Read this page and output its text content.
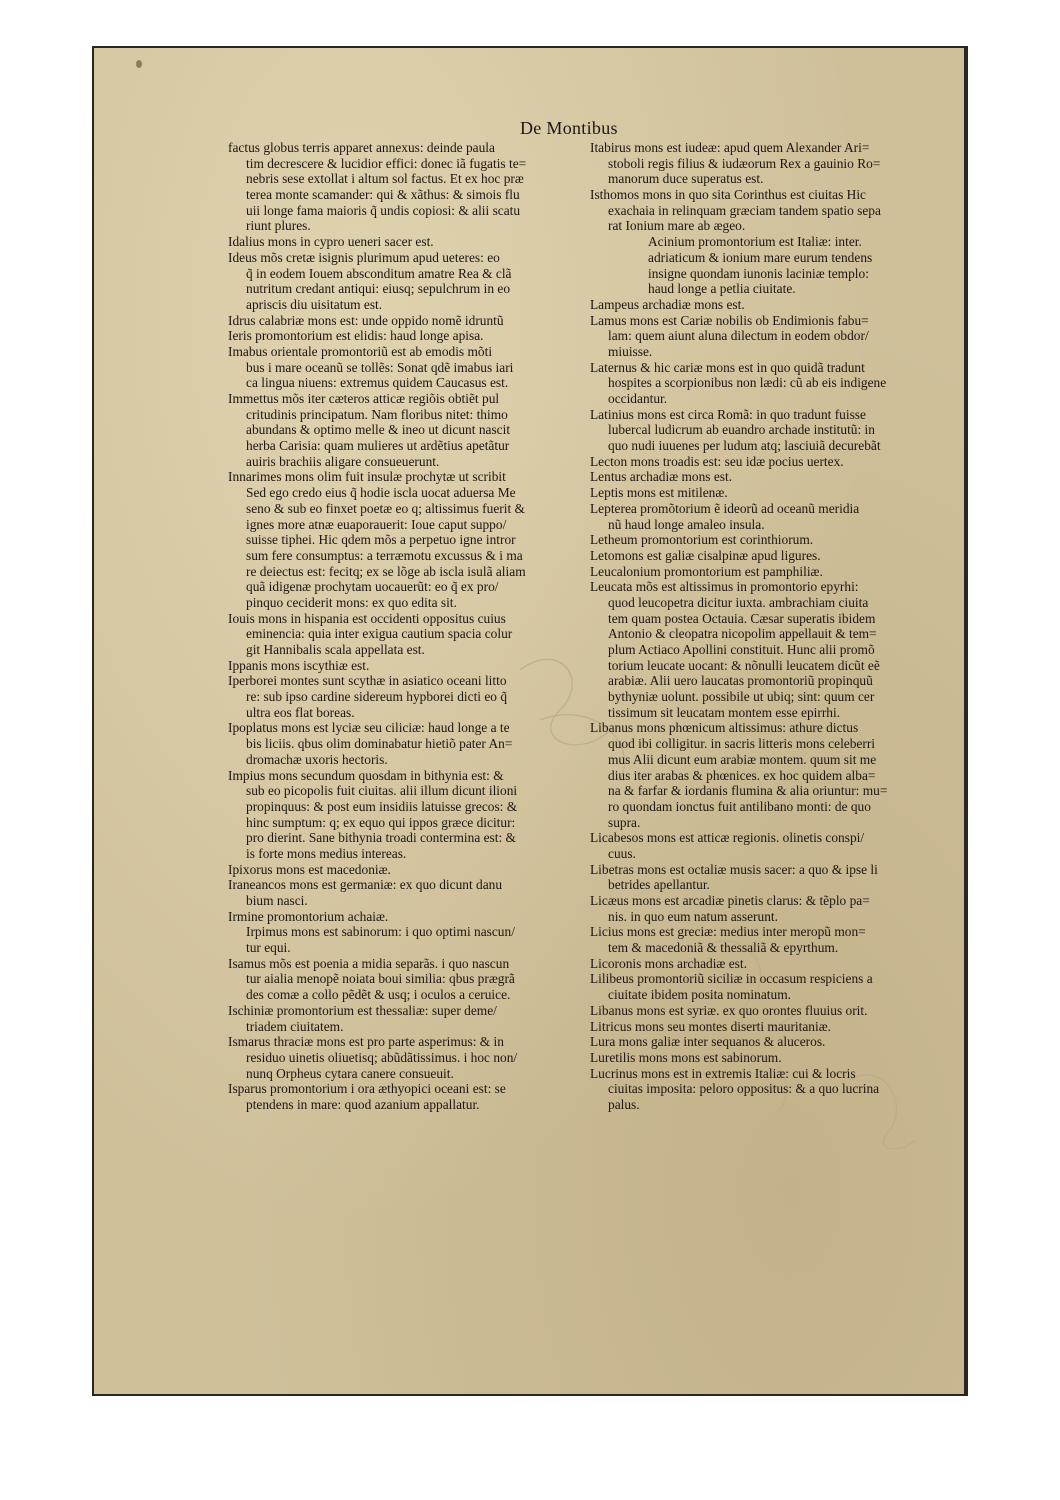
De Montibus
factus globus terris apparet annexus: deinde paula
tim decrescere & lucidior effici: donec iã fugatis te=
nebris sese extollat i altum sol factus. Et ex hoc præ
terea monte scamander: qui & xãthus: & simois flu
uii longe fama maioris q̃ undis copiosi: & alii scatu
riunt plures.
Idalius mons in cypro ueneri sacer est.
Ideus mõs cretæ isignis plurimum apud ueteres: eo
q̃ in eodem Iouem absconditum amatre Rea & clã
nutritum credant antiqui: eiusq; sepulchrum in eo
apriscis diu uisitatum est.
Idrus calabriæ mons est: unde oppido nomẽ idruntũ
Ieris promontorium est elidis: haud longe apisa.
Imabus orientale promontoriũ est ab emodis mõti
bus i mare oceanũ se tollẽs: Sonat qdẽ imabus iari
ca lingua niuens: extremus quidem Caucasus est.
Immettus mõs iter cæteros atticæ regiõis obtiẽt pul
critudinis principatum. Nam floribus nitet: thimo
abundans & optimo melle & ineo ut dicunt nascit
herba Carisia: quam mulieres ut ardẽtius apetãtur
auiris brachiis aligare consueuerunt.
Innarimes mons olim fuit insulæ prochytæ ut scribit
Sed ego credo eius q̃ hodie iscla uocat aduersa Me
seno & sub eo finxet poetæ eo q; altissimus fuerit &
ignes more atnæ euaporauerit: Ioue caput suppo/
suisse tiphei. Hic qdem mõs a perpetuo igne intror
sum fere consumptus: a terræmotu excussus & i ma
re deiectus est: fecitq; ex se lõge ab iscla isulã aliam
quã idigenæ prochytam uocauerũt: eo q̃ ex pro/
pinquo ceciderit mons: ex quo edita sit.
Iouis mons in hispania est occidenti oppositus cuius
eminencia: quia inter exigua cautium spacia colur
git Hannibalis scala appellata est.
Ippanis mons iscythiæ est.
Iperborei montes sunt scythæ in asiatico oceani litto
re: sub ipso cardine sidereum hypborei dicti eo q̃
ultra eos flat boreas.
Ipoplatus mons est lyciæ seu ciliciæ: haud longe a te
bis liciis. qbus olim dominabatur hietiõ pater An=
dromachæ uxoris hectoris.
Impius mons secundum quosdam in bithynia est: &
sub eo picopolis fuit ciuitas. alii illum dicunt ilioni
propinquus: & post eum insidiis latuisse grecos: &
hinc sumptum: q; ex equo qui ippos græce dicitur:
pro dierint. Sane bithynia troadi contermina est: &
is forte mons medius intereas.
Ipixorus mons est macedoniæ.
Iraneancos mons est germaniæ: ex quo dicunt danu
bium nasci.
Irmine promontorium achaiæ.
Irpimus mons est sabinorum: i quo optimi nascun/
tur equi.
Isamus mõs est poenia a midia separãs. i quo nascun
tur aialia menopẽ noiata boui similia: qbus prægrã
des comæ a collo pẽdẽt & usq; i oculos a ceruice.
Ischiniæ promontorium est thessaliæ: super deme/
triadem ciuitatem.
Ismarus thraciæ mons est pro parte asperimus: & in
residuo uinetis oliuetisq; abũdãtissimus. i hoc non/
nunq Orpheus cytara canere consueuit.
Isparus promontorium i ora æthyopici oceani est: se
ptendens in mare: quod azanium appallatur.
Itabirus mons est iudeæ: apud quem Alexander Ari=
stoboli regis filius & iudæorum Rex a gauinio Ro=
manorum duce superatus est.
Isthomos mons in quo sita Corinthus est ciuitas Hic
exachaia in relinquam græciam tandem spatio sepa
rat Ionium mare ab ægeo.
Acinium promontorium est Italiæ: inter.
adriaticum & ionium mare eurum tendens
insigne quondam iunonis laciniæ templo:
haud longe a petlia ciuitate.
Lampeus archadiæ mons est.
Lamus mons est Cariæ nobilis ob Endimionis fabu=
lam: quem aiunt aluna dilectum in eodem obdor/
miuisse.
Laternus & hic cariæ mons est in quo quidã tradunt
hospites a scorpionibus non lædi: cũ ab eis indigene
occidantur.
Latinius mons est circa Romã: in quo tradunt fuisse
lubercal ludicrum ab euandro archade institutũ: in
quo nudi iuuenes per ludum atq; lasciuiã decurebãt
Lecton mons troadis est: seu idæ pocius uertex.
Lentus archadiæ mons est.
Leptis mons est mitilenæ.
Lepterea promõtorium ẽ ideorũ ad oceanũ meridia
nũ haud longe amaleo insula.
Letheum promontorium est corinthiorum.
Letomons est galiæ cisalpinæ apud ligures.
Leucalonium promontorium est pamphiliæ.
Leucata mõs est altissimus in promontorio epyrhi:
quod leucopetra dicitur iuxta. ambrachiam ciuita
tem quam postea Octauia. Cæsar superatis ibidem
Antonio & cleopatra nicopolim appellauit & tem=
plum Actiaco Apollini constituit. Hunc alii promõ
torium leucate uocant: & nõnulli leucatem dicũt eẽ
arabiæ. Alii uero laucatas promontoriũ propinquũ
bythyniæ uolunt. possibile ut ubiq; sint: quum cer
tissimum sit leucatam montem esse epirrhi.
Libanus mons phœnicum altissimus: athure dictus
quod ibi colligitur. in sacris litteris mons celeberri
mus Alii dicunt eum arabiæ montem. quum sit me
dius iter arabas & phœnices. ex hoc quidem alba=
na & farfar & iordanis flumina & alia oriuntur: mu=
ro quondam ionctus fuit antilibano monti: de quo
supra.
Licabesos mons est atticæ regionis. olinetis conspi/
cuus.
Libetras mons est octaliæ musis sacer: a quo & ipse li
betrides apellantur.
Licæus mons est arcadiæ pinetis clarus: & tẽplo pa=
nis. in quo eum natum asserunt.
Licius mons est greciæ: medius inter meropũ mon=
tem & macedoniã & thessaliã & epyrthum.
Licoronis mons archadiæ est.
Lilibeus promontoriũ siciliæ in occasum respiciens a
ciuitate ibidem posita nominatum.
Libanus mons est syriæ. ex quo orontes fluuius orit.
Litricus mons seu montes diserti mauritaniæ.
Lura mons galiæ inter sequanos & aluceros.
Luretilis mons mons est sabinorum.
Lucrinus mons est in extremis Italiæ: cui & locris
ciuitas imposita: peloro oppositus: & a quo lucrina
palus.
